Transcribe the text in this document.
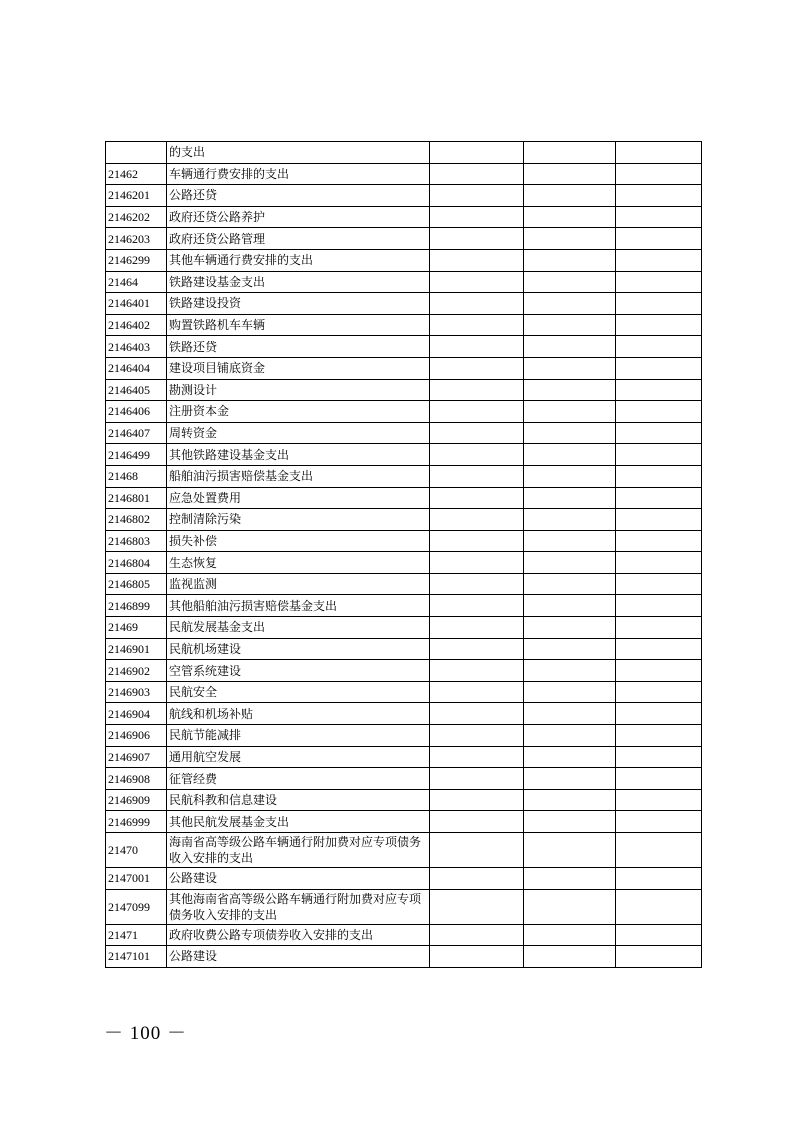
	的支出			
21462	车辆通行费安排的支出			
2146201	公路还贷			
2146202	政府还贷公路养护			
2146203	政府还贷公路管理			
2146299	其他车辆通行费安排的支出			
21464	铁路建设基金支出			
2146401	铁路建设投资			
2146402	购置铁路机车车辆			
2146403	铁路还贷			
2146404	建设项目铺底资金			
2146405	勘测设计			
2146406	注册资本金			
2146407	周转资金			
2146499	其他铁路建设基金支出			
21468	船舶油污损害赔偿基金支出			
2146801	应急处置费用			
2146802	控制清除污染			
2146803	损失补偿			
2146804	生态恢复			
2146805	监视监测			
2146899	其他船舶油污损害赔偿基金支出			
21469	民航发展基金支出			
2146901	民航机场建设			
2146902	空管系统建设			
2146903	民航安全			
2146904	航线和机场补贴			
2146906	民航节能减排			
2146907	通用航空发展			
2146908	征管经费			
2146909	民航科教和信息建设			
2146999	其他民航发展基金支出			
21470	海南省高等级公路车辆通行附加费对应专项债务收入安排的支出			
2147001	公路建设			
2147099	其他海南省高等级公路车辆通行附加费对应专项债务收入安排的支出			
21471	政府收费公路专项债券收入安排的支出			
2147101	公路建设			
－ 100 －
